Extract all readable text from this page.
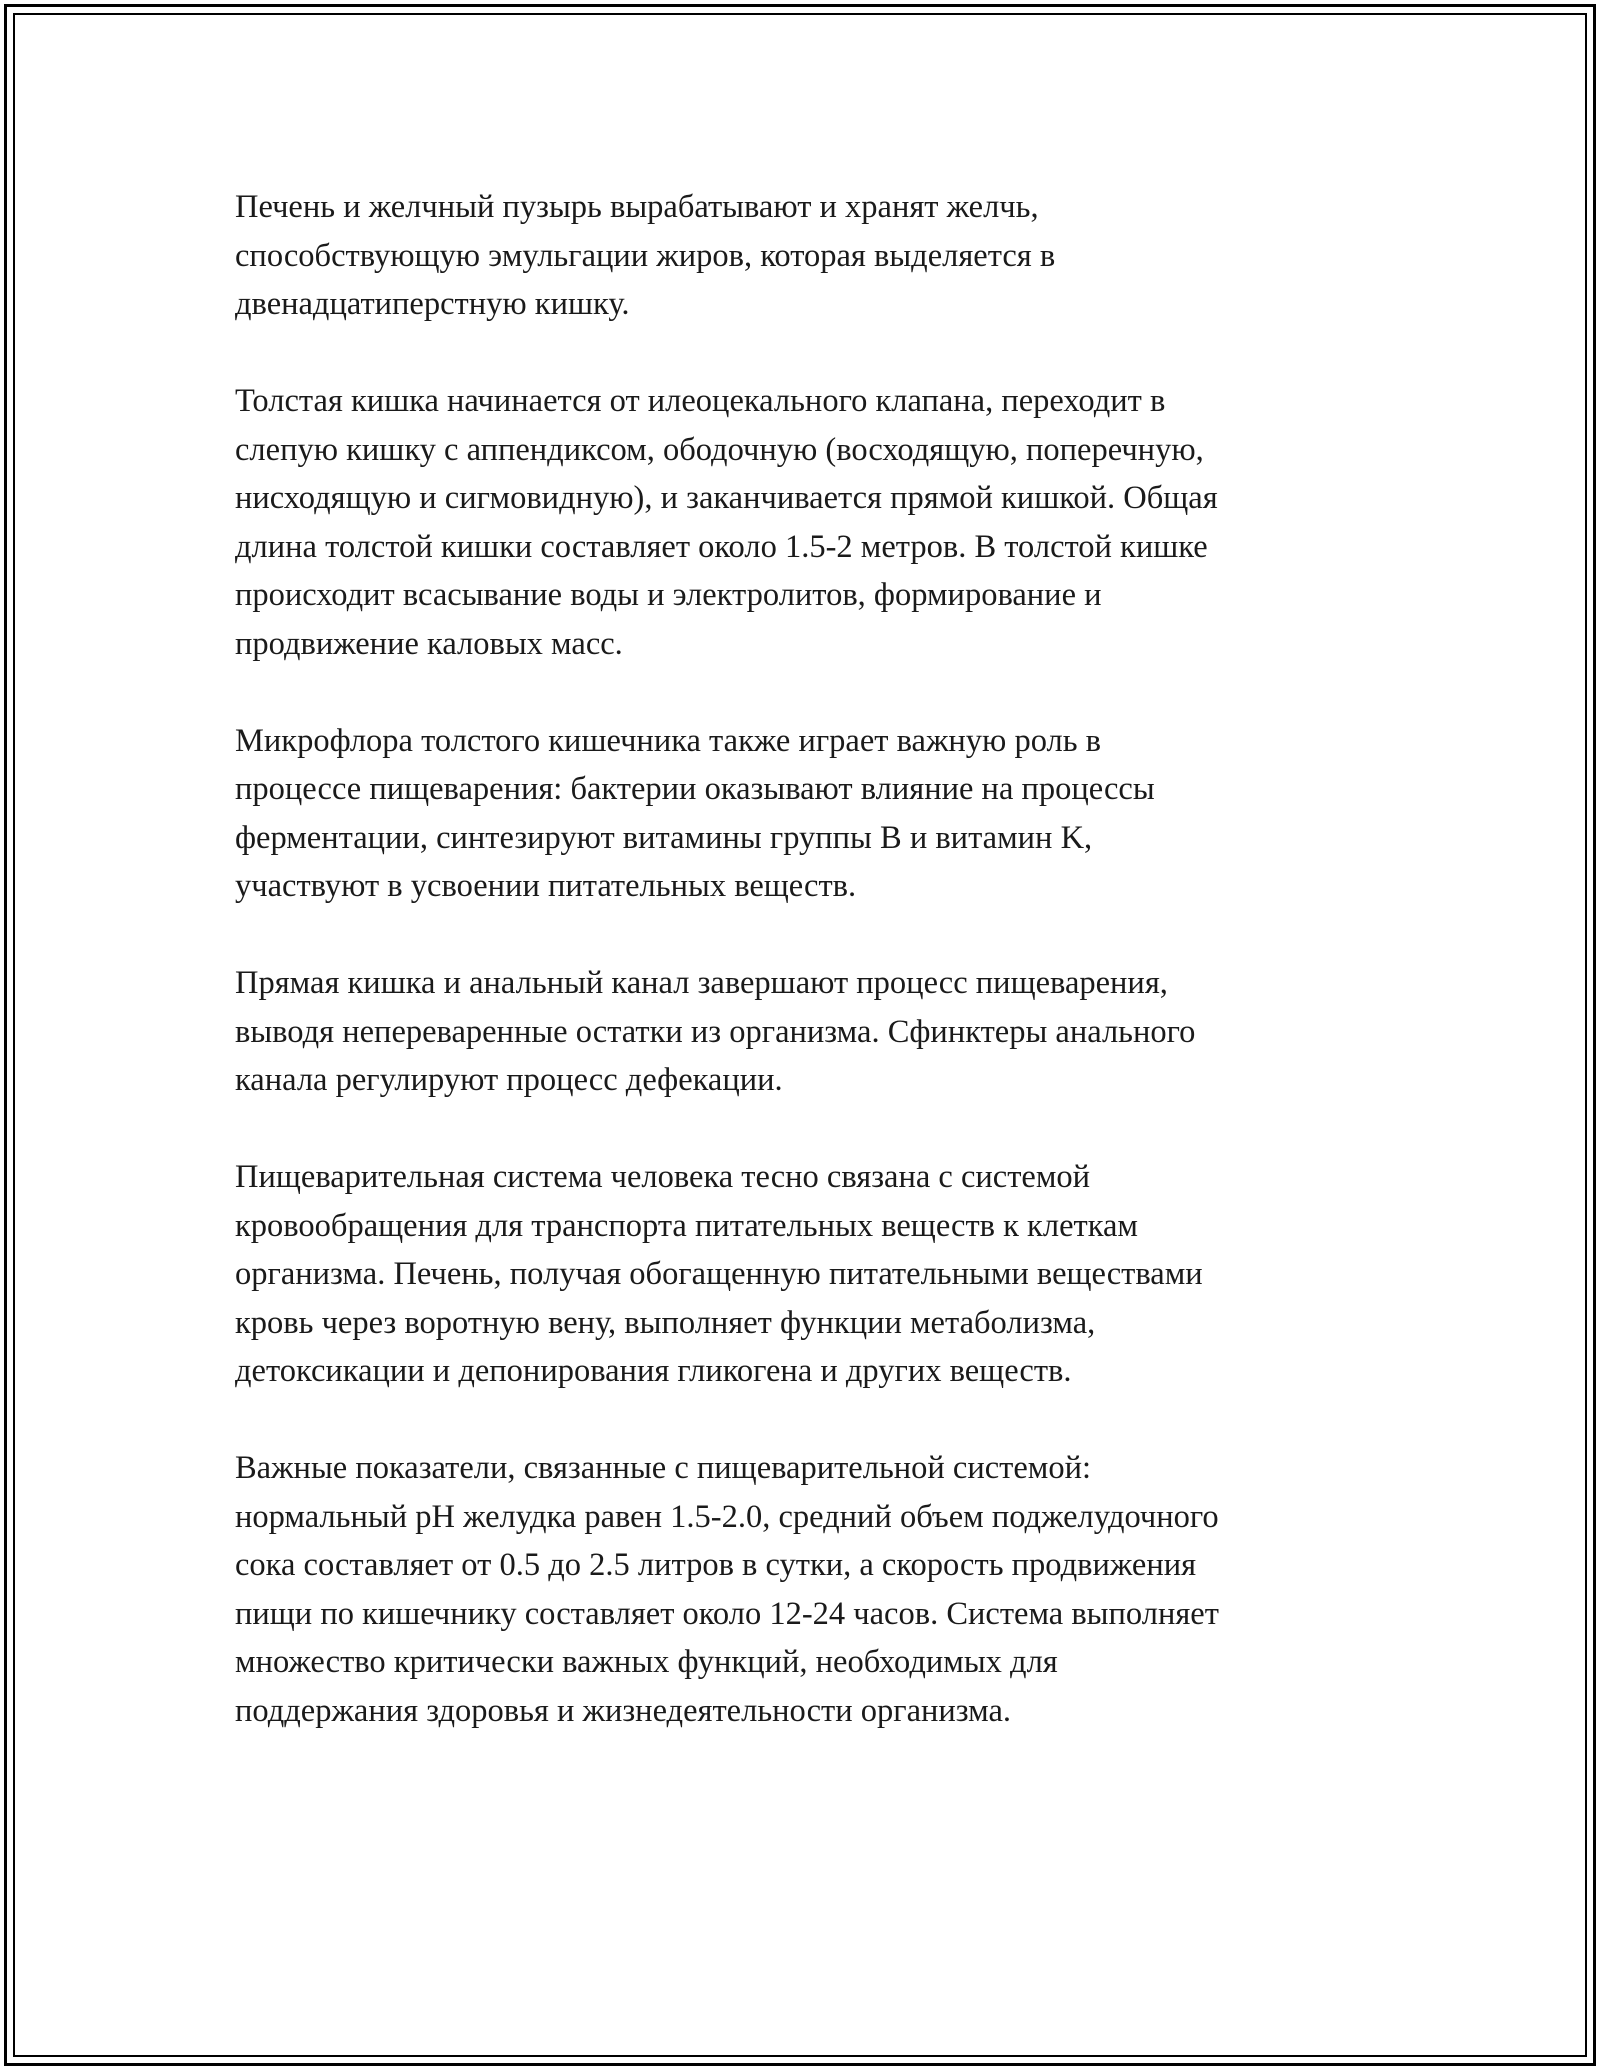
Печень и желчный пузырь вырабатывают и хранят желчь,
способствующую эмульгации жиров, которая выделяется в
двенадцатиперстную кишку.

Толстая кишка начинается от илеоцекального клапана, переходит в
слепую кишку с аппендиксом, ободочную (восходящую, поперечную,
нисходящую и сигмовидную), и заканчивается прямой кишкой. Общая
длина толстой кишки составляет около 1.5-2 метров. В толстой кишке
происходит всасывание воды и электролитов, формирование и
продвижение каловых масс.

Микрофлора толстого кишечника также играет важную роль в
процессе пищеварения: бактерии оказывают влияние на процессы
ферментации, синтезируют витамины группы B и витамин K,
участвуют в усвоении питательных веществ.

Прямая кишка и анальный канал завершают процесс пищеварения,
выводя непереваренные остатки из организма. Сфинктеры анального
канала регулируют процесс дефекации.

Пищеварительная система человека тесно связана с системой
кровообращения для транспорта питательных веществ к клеткам
организма. Печень, получая обогащенную питательными веществами
кровь через воротную вену, выполняет функции метаболизма,
детоксикации и депонирования гликогена и других веществ.

Важные показатели, связанные с пищеварительной системой:
нормальный pH желудка равен 1.5-2.0, средний объем поджелудочного
сока составляет от 0.5 до 2.5 литров в сутки, а скорость продвижения
пищи по кишечнику составляет около 12-24 часов. Система выполняет
множество критически важных функций, необходимых для
поддержания здоровья и жизнедеятельности организма.
